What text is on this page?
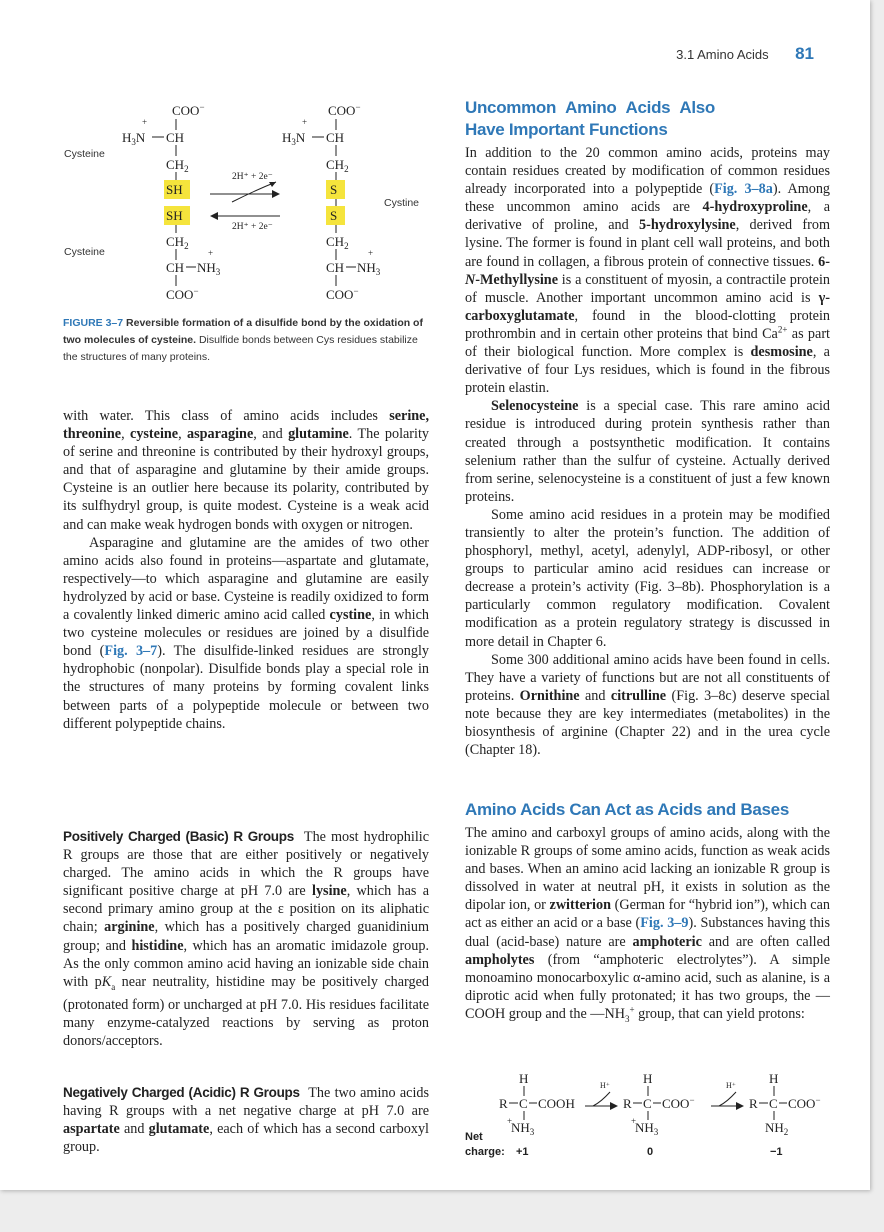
3.1 Amino Acids 81
COO−
$H_3N$
+
CH
$CH_2$
SH
SH
$CH_2$
CH $NH_3$
+
COO−
2H⁺ + 2e⁻
2H⁺ + 2e⁻
COO−
$H_3N$
+
CH
$CH_2$
S
S
$CH_2$
CH $NH_3$
+
COO−
Cysteine
Cysteine
Cystine
FIGURE 3–7 Reversible formation of a disulfide bond by the oxidation of two molecules of cysteine. Disulfide bonds between Cys residues stabilize the structures of many proteins.

with water. This class of amino acids includes serine, threonine, cysteine, asparagine, and glutamine. The polarity of serine and threonine is contributed by their hydroxyl groups, and that of asparagine and glutamine by their amide groups. Cysteine is an outlier here because its polarity, contributed by its sulfhydryl group, is quite modest. Cysteine is a weak acid and can make weak hydrogen bonds with oxygen or nitrogen.

Asparagine and glutamine are the amides of two other amino acids also found in proteins—aspartate and glutamate, respectively—to which asparagine and glutamine are easily hydrolyzed by acid or base. Cysteine is readily oxidized to form a covalently linked dimeric amino acid called cystine, in which two cysteine molecules or residues are joined by a disulfide bond (Fig. 3–7). The disulfide-linked residues are strongly hydrophobic (nonpolar). Disulfide bonds play a special role in the structures of many proteins by forming covalent links between parts of a polypeptide molecule or between two different polypeptide chains.

Positively Charged (Basic) R Groups The most hydrophilic R groups are those that are either positively or negatively charged. The amino acids in which the R groups have significant positive charge at pH 7.0 are lysine, which has a second primary amino group at the ε position on its aliphatic chain; arginine, which has a positively charged guanidinium group; and histidine, which has an aromatic imidazole group. As the only common amino acid having an ionizable side chain with $pK_a$ near neutrality, histidine may be positively charged (protonated form) or uncharged at pH 7.0. His residues facilitate many enzyme-catalyzed reactions by serving as proton donors/acceptors.

Negatively Charged (Acidic) R Groups The two amino acids having R groups with a net negative charge at pH 7.0 are aspartate and glutamate, each of which has a second carboxyl group.

Uncommon Amino Acids Also Have Important Functions

In addition to the 20 common amino acids, proteins may contain residues created by modification of common residues already incorporated into a polypeptide (Fig. 3–8a). Among these uncommon amino acids are 4-hydroxyproline, a derivative of proline, and 5-hydroxylysine, derived from lysine. The former is found in plant cell wall proteins, and both are found in collagen, a fibrous protein of connective tissues. 6-N-Methyllysine is a constituent of myosin, a contractile protein of muscle. Another important uncommon amino acid is γ-carboxyglutamate, found in the blood-clotting protein prothrombin and in certain other proteins that bind $Ca^{2+}$ as part of their biological function. More complex is desmosine, a derivative of four Lys residues, which is found in the fibrous protein elastin.

Selenocysteine is a special case. This rare amino acid residue is introduced during protein synthesis rather than created through a postsynthetic modification. It contains selenium rather than the sulfur of cysteine. Actually derived from serine, selenocysteine is a constituent of just a few known proteins.

Some amino acid residues in a protein may be modified transiently to alter the protein’s function. The addition of phosphoryl, methyl, acetyl, adenylyl, ADP-ribosyl, or other groups to particular amino acid residues can increase or decrease a protein’s activity (Fig. 3–8b). Phosphorylation is a particularly common regulatory modification. Covalent modification as a protein regulatory strategy is discussed in more detail in Chapter 6.

Some 300 additional amino acids have been found in cells. They have a variety of functions but are not all constituents of proteins. Ornithine and citrulline (Fig. 3–8c) deserve special note because they are key intermediates (metabolites) in the biosynthesis of arginine (Chapter 22) and in the urea cycle (Chapter 18).

Amino Acids Can Act as Acids and Bases

The amino and carboxyl groups of amino acids, along with the ionizable R groups of some amino acids, function as weak acids and bases. When an amino acid lacking an ionizable R group is dissolved in water at neutral pH, it exists in solution as the dipolar ion, or zwitterion (German for “hybrid ion”), which can act as either an acid or a base (Fig. 3–9). Substances having this dual (acid-base) nature are amphoteric and are often called ampholytes (from “amphoteric electrolytes”). A simple monoamino monocarboxylic α-amino acid, such as alanine, is a diprotic acid when fully protonated; it has two groups, the —COOH group and the $—NH_3^+$ group, that can yield protons:

H
R C COOH
$NH_3$
+
H⁺	H
R C COO−
$NH_3$
+
H⁺	H
R C COO−
$NH_2$
Net
charge: +1	0	−1
